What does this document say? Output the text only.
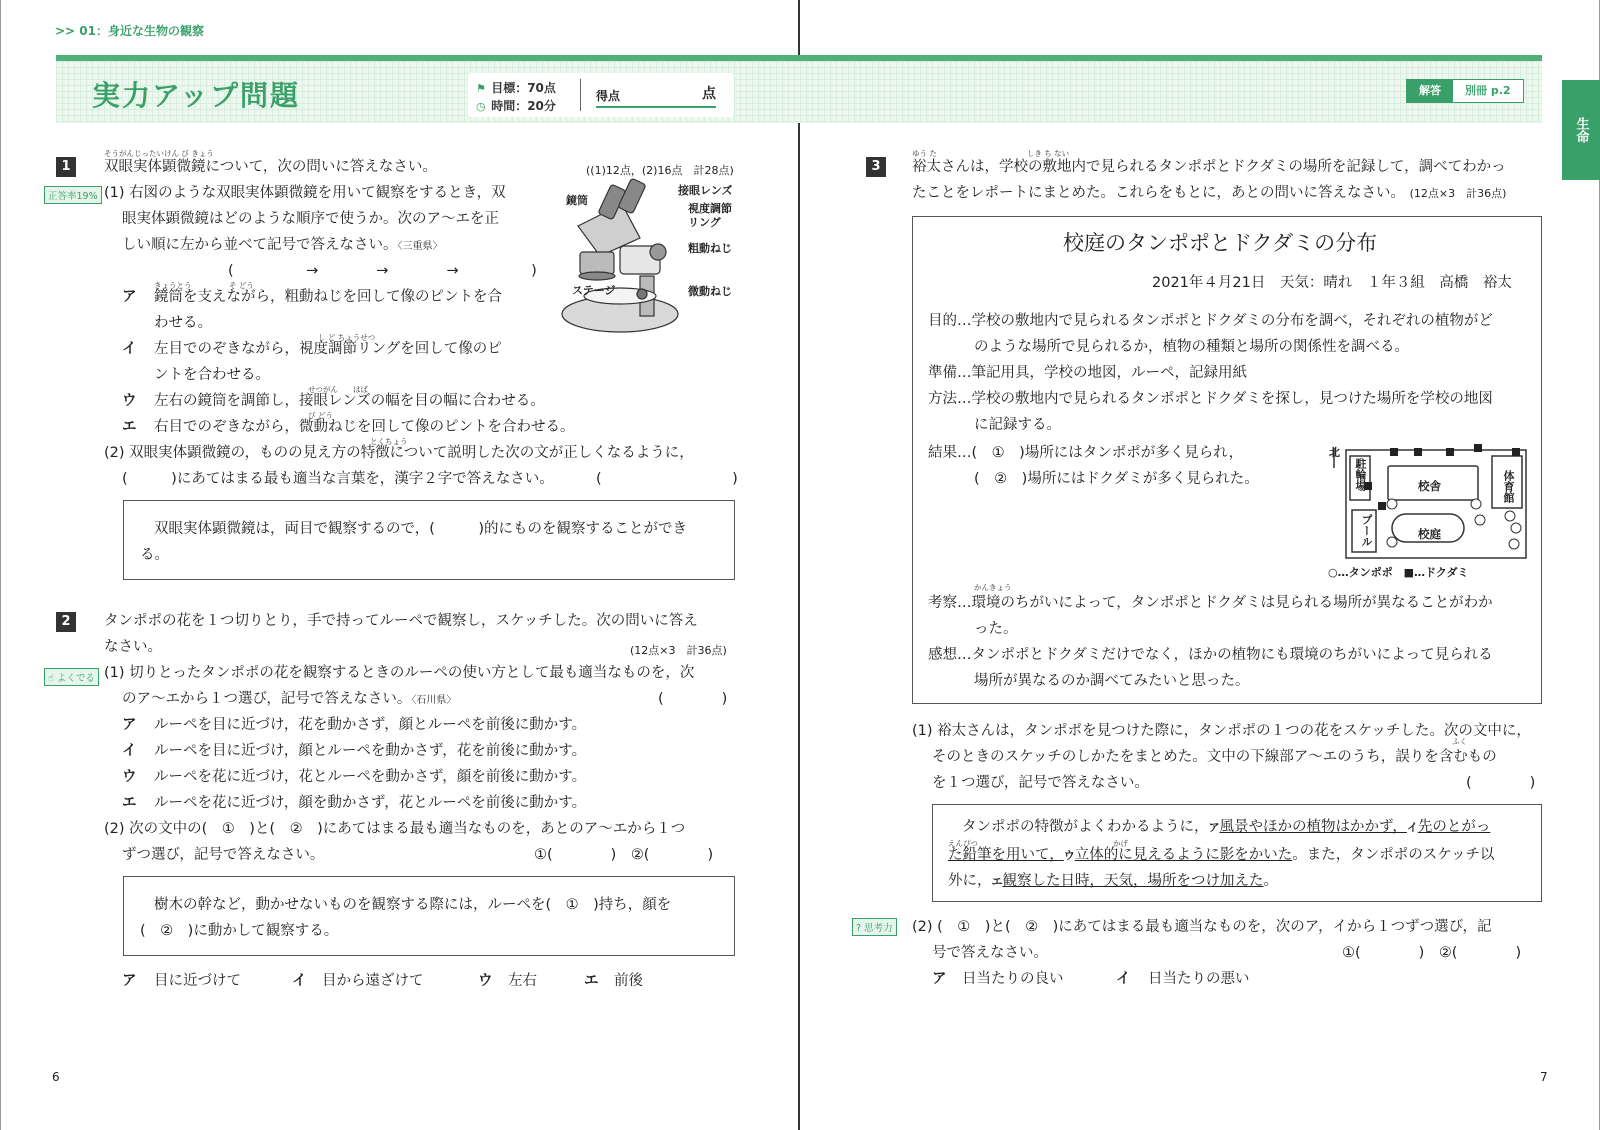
>> 01：身近な生物の観察
実力アップ問題	⚑ 目標：70点
◷ 時間：20分
得点	点
1
そうがんじったいけん び きょう
双眼実体顕微鏡について，次の問いに答えなさい。	((1)12点，(2)16点　計28点)
正答率19% (1) 右図のような双眼実体顕微鏡を用いて観察をするとき，双
眼実体顕微鏡はどのような順序で使うか。次のア～エを正
しい順に左から並べて記号で答えなさい。〈三重県〉
(　　　　　→　　　　→　　　　→　　　　　)
ア
きょうとう　　　　　そ どう
鏡筒を支えながら，粗動ねじを回して像のピントを合
わせる。
イ
し ど ちょうせつ
左目でのぞきながら，視度調節リングを回して像のピ
ントを合わせる。
ウ
せつがん　　はば
左右の鏡筒を調節し，接眼レンズの幅を目の幅に合わせる。
エ
び どう
右目でのぞきながら，微動ねじを回して像のピントを合わせる。
鏡筒
接眼レンズ
視度調節
リング
粗動ねじ
ステージ	微動ねじ
とくちょう
(2) 双眼実体顕微鏡の，ものの見え方の特徴について説明した次の文が正しくなるように，
(　　　)にあてはまる最も適当な言葉を，漢字２字で答えなさい。	(　　　　　　　　　)
双眼実体顕微鏡は，両目で観察するので，(　　　)的にものを観察することができ
る。
2	タンポポの花を１つ切りとり，手で持ってルーペで観察し，スケッチした。次の問いに答え
なさい。	(12点×3　計36点)
☝ よくでる (1) 切りとったタンポポの花を観察するときのルーペの使い方として最も適当なものを，次
のア～エから１つ選び，記号で答えなさい。〈石川県〉	(　　　　)
ア ルーペを目に近づけ，花を動かさず，顔とルーペを前後に動かす。
イ ルーペを目に近づけ，顔とルーペを動かさず，花を前後に動かす。
ウ ルーペを花に近づけ，花とルーペを動かさず，顔を前後に動かす。
エ ルーペを花に近づけ，顔を動かさず，花とルーペを前後に動かす。
(2) 次の文中の(　①　)と(　②　)にあてはまる最も適当なものを，あとのア～エから１つ
ずつ選び，記号で答えなさい。	①(　　　　)　②(　　　　)
樹木の幹など，動かせないものを観察する際には，ルーペを(　①　)持ち，顔を
(　②　)に動かして観察する。
ア 目に近づけて	イ 目から遠ざけて	ウ 左右	エ 前後
6
解答	別冊 p.2
生命
3
ゆう た　　　　　　　　　　　　しき ち ない
裕太さんは，学校の敷地内で見られるタンポポとドクダミの場所を記録して，調べてわかっ
たことをレポートにまとめた。これらをもとに，あとの問いに答えなさい。 (12点×3　計36点)
校庭のタンポポとドクダミの分布
2021年４月21日　天気：晴れ　１年３組　高橋　裕太
目的…学校の敷地内で見られるタンポポとドクダミの分布を調べ，それぞれの植物がど
のような場所で見られるか，植物の種類と場所の関係性を調べる。
準備…筆記用具，学校の地図，ルーペ，記録用紙
方法…学校の敷地内で見られるタンポポとドクダミを探し，見つけた場所を学校の地図
に記録する。
結果…(　①　)場所にはタンポポが多く見られ，
(　②　)場所にはドクダミが多く見られた。
北
駐輪場	校舎	体育館
プール	校庭
○…タンポポ　■…ドクダミ
かんきょう
考察…環境のちがいによって，タンポポとドクダミは見られる場所が異なることがわか
った。
感想…タンポポとドクダミだけでなく，ほかの植物にも環境のちがいによって見られる
場所が異なるのか調べてみたいと思った。
(1) 裕太さんは，タンポポを見つけた際に，タンポポの１つの花をスケッチした。次の文中に，
ふく
そのときのスケッチのしかたをまとめた。文中の下線部ア～エのうち，誤りを含むもの
を１つ選び，記号で答えなさい。	(　　　　)
タンポポの特徴がよくわかるように，ア風景やほかの植物はかかず，イ先のとがっ
えんぴつ　　　　　　　　　　　　　　　　　　かげ
た鉛筆を用いて，ウ立体的に見えるように影をかいた。また，タンポポのスケッチ以
外に，エ観察した日時，天気，場所をつけ加えた。
? 思考力 (2) (　①　)と(　②　)にあてはまる最も適当なものを，次のア，イから１つずつ選び，記
号で答えなさい。	①(　　　　)　②(　　　　)
ア 日当たりの良い	イ 日当たりの悪い
7
